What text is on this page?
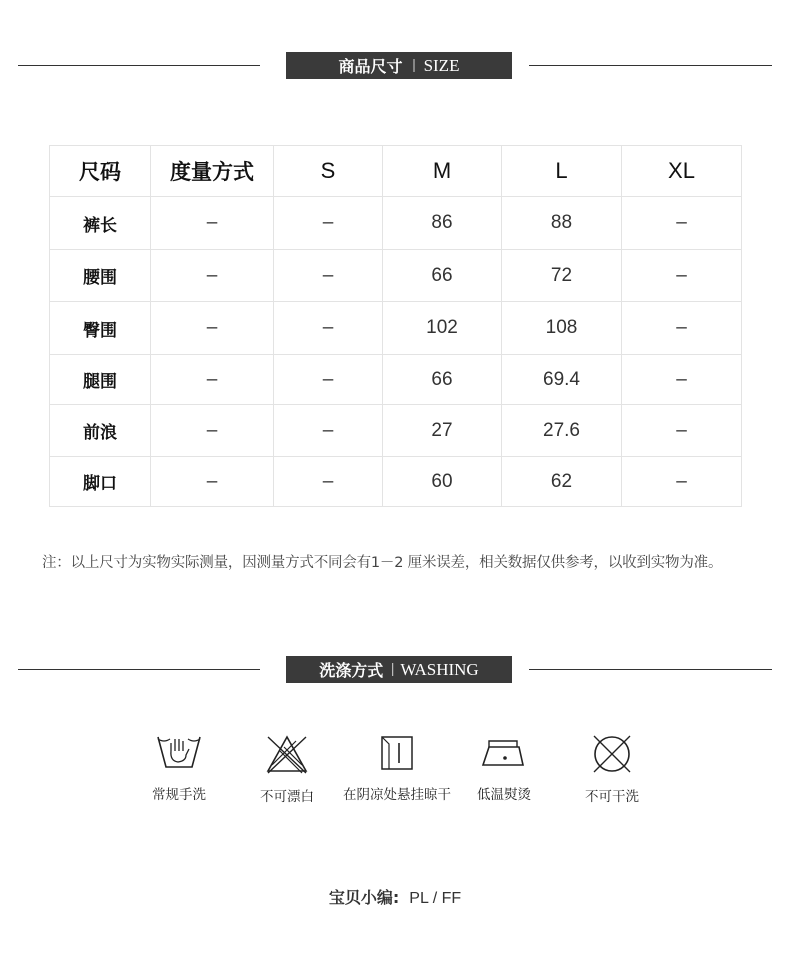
商品尺寸 | SIZE
尺码	度量方式	S	M	L	XL
裤长	–	–	86	88	–
腰围	–	–	66	72	–
臀围	–	–	102	108	–
腿围	–	–	66	69.4	–
前浪	–	–	27	27.6	–
脚口	–	–	60	62	–
注：以上尺寸为实物实际测量，因测量方式不同会有1－2 厘米误差，相关数据仅供参考，以收到实物为准。
洗涤方式 | WASHING
常规手洗	不可漂白	在阴凉处悬挂晾干	低温熨烫	不可干洗
宝贝小编: PL / FF
